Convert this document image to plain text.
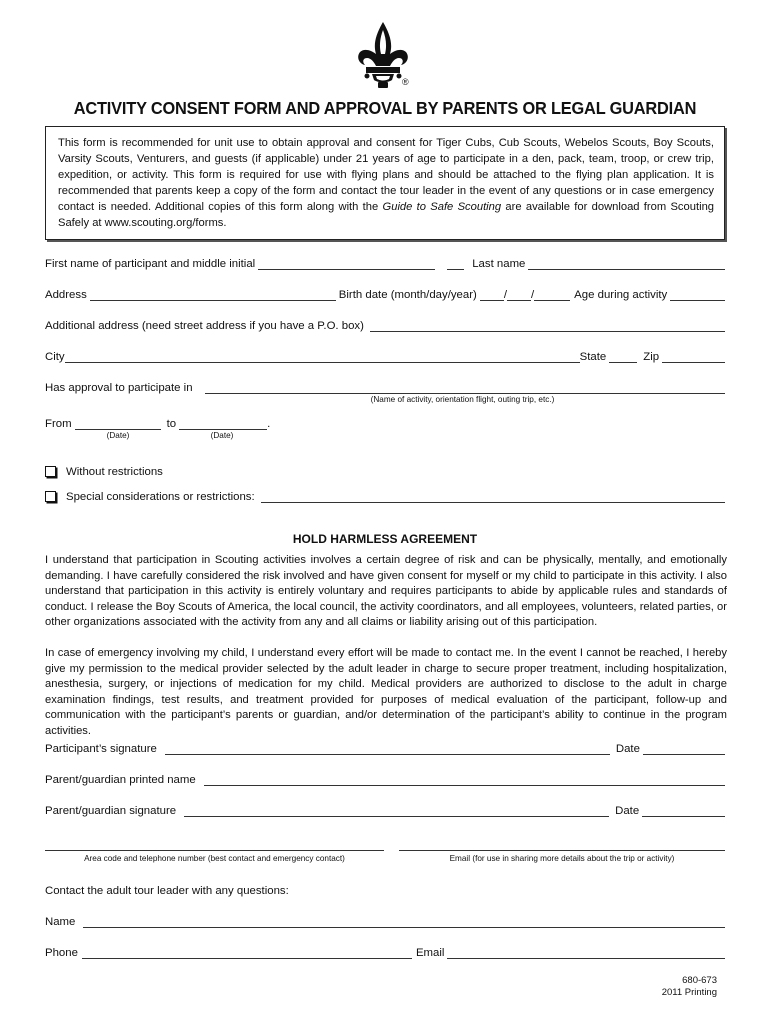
®
ACTIVITY CONSENT FORM AND APPROVAL BY PARENTS OR LEGAL GUARDIAN

This form is recommended for unit use to obtain approval and consent for Tiger Cubs, Cub Scouts, Webelos Scouts, Boy Scouts, Varsity Scouts, Venturers, and guests (if applicable) under 21 years of age to participate in a den, pack, team, troop, or crew trip, expedition, or activity. This form is required for use with flying plans and should be attached to the flying plan application. It is recommended that parents keep a copy of the form and contact the tour leader in the event of any questions or in case emergency contact is needed. Additional copies of this form along with the Guide to Safe Scouting are available for download from Scouting Safely at www.scouting.org/forms.

First name of participant and middle initial	Last name
Address	Birth date (month/day/year) / /	Age during activity
Additional address (need street address if you have a P.O. box)
City	State	Zip
Has approval to participate in
(Name of activity, orientation flight, outing trip, etc.)
From	to	.
(Date)	(Date)
Without restrictions
Special considerations or restrictions:
HOLD HARMLESS AGREEMENT

I understand that participation in Scouting activities involves a certain degree of risk and can be physically, mentally, and emotionally demanding. I have carefully considered the risk involved and have given consent for myself or my child to participate in this activity. I also understand that participation in this activity is entirely voluntary and requires participants to abide by applicable rules and standards of conduct. I release the Boy Scouts of America, the local council, the activity coordinators, and all employees, volunteers, related parties, or other organizations associated with the activity from any and all claims or liability arising out of this participation.

In case of emergency involving my child, I understand every effort will be made to contact me. In the event I cannot be reached, I hereby give my permission to the medical provider selected by the adult leader in charge to secure proper treatment, including hospitalization, anesthesia, surgery, or injections of medication for my child. Medical providers are authorized to disclose to the adult in charge examination findings, test results, and treatment provided for purposes of medical evaluation of the participant, follow-up and communication with the participant’s parents or guardian, and/or determination of the participant’s ability to continue in the program activities.

Participant’s signature	Date
Parent/guardian printed name
Parent/guardian signature	Date
Area code and telephone number (best contact and emergency contact)	Email (for use in sharing more details about the trip or activity)
Contact the adult tour leader with any questions:
Name
Phone	Email
680-673
2011 Printing
